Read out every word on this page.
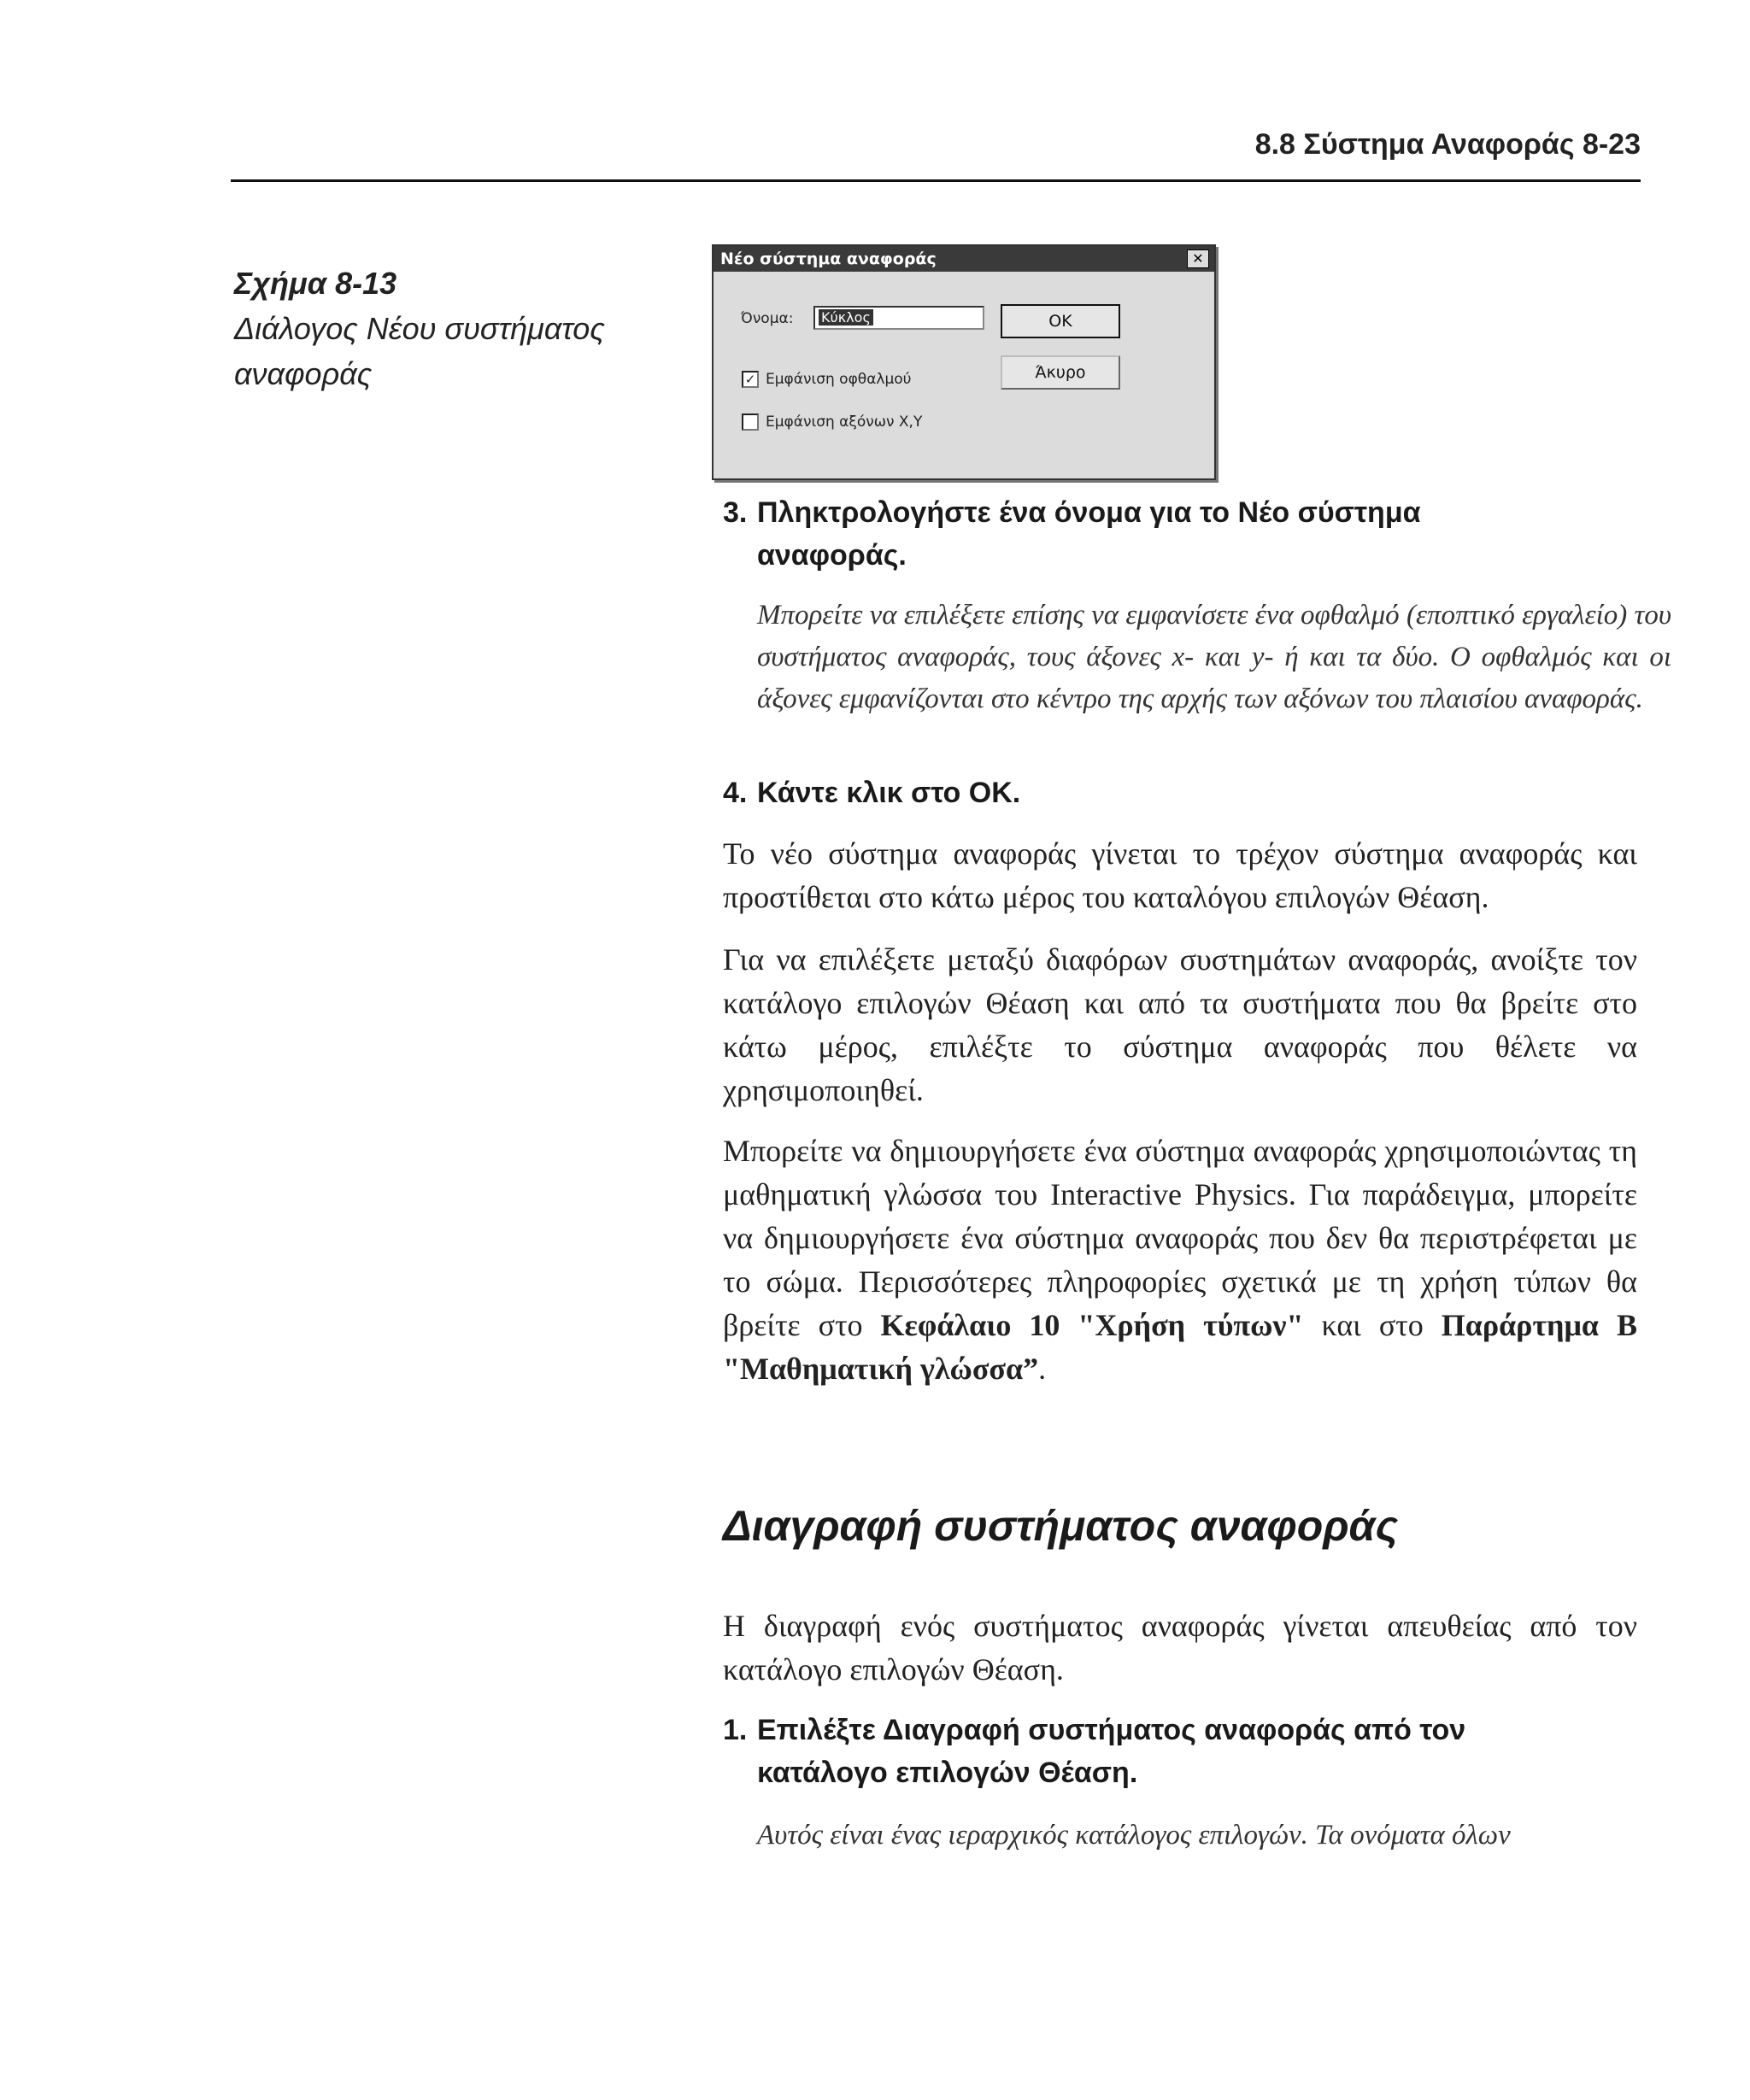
8.8 Σύστημα Αναφοράς 8-23
Σχήμα 8-13
Διάλογος Νέου συστήματος αναφοράς
Νέο σύστημα αναφοράς	✕
Όνομα:	Κύκλος	OK
Άκυρο
✓ Εμφάνιση οφθαλμού
Εμφάνιση αξόνων X,Y
3. Πληκτρολογήστε ένα όνομα για το Νέο σύστημα
αναφοράς.
Μπορείτε να επιλέξετε επίσης να εμφανίσετε ένα οφθαλμό (εποπτικό εργαλείο) του συστήματος αναφοράς, τους άξονες x- και y- ή και τα δύο. Ο οφθαλμός και οι άξονες εμφανίζονται στο κέντρο της αρχής των αξόνων του πλαισίου αναφοράς.
4. Κάντε κλικ στο OK.
Το νέο σύστημα αναφοράς γίνεται το τρέχον σύστημα αναφοράς και προστίθεται στο κάτω μέρος του καταλόγου επιλογών Θέαση.
Για να επιλέξετε μεταξύ διαφόρων συστημάτων αναφοράς, ανοίξτε τον κατάλογο επιλογών Θέαση και από τα συστήματα που θα βρείτε στο κάτω μέρος, επιλέξτε το σύστημα αναφοράς που θέλετε να χρησιμοποιηθεί.
Μπορείτε να δημιουργήσετε ένα σύστημα αναφοράς χρησιμοποιώντας τη μαθηματική γλώσσα του Interactive Physics. Για παράδειγμα, μπορείτε να δημιουργήσετε ένα σύστημα αναφοράς που δεν θα περιστρέφεται με το σώμα. Περισσότερες πληροφορίες σχετικά με τη χρήση τύπων θα βρείτε στο Κεφάλαιο 10 "Χρήση τύπων" και στο Παράρτημα Β "Μαθηματική γλώσσα”.
Διαγραφή συστήματος αναφοράς
Η διαγραφή ενός συστήματος αναφοράς γίνεται απευθείας από τον κατάλογο επιλογών Θέαση.
1. Επιλέξτε Διαγραφή συστήματος αναφοράς από τον
κατάλογο επιλογών Θέαση.
Αυτός είναι ένας ιεραρχικός κατάλογος επιλογών. Τα ονόματα όλων
